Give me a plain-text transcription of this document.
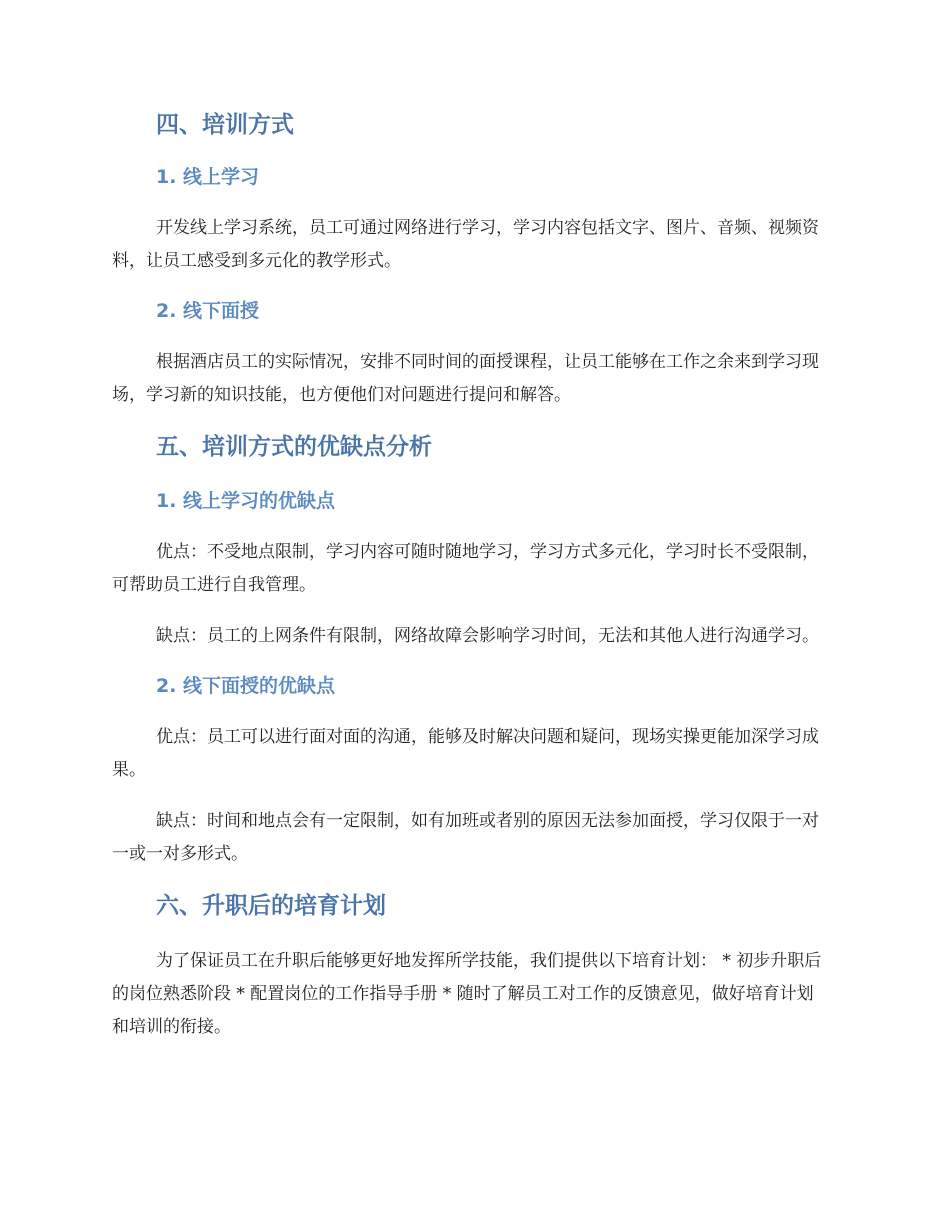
四、培训方式
1. 线上学习

开发线上学习系统，员工可通过网络进行学习，学习内容包括文字、图片、音频、视频资料，让员工感受到多元化的教学形式。

2. 线下面授

根据酒店员工的实际情况，安排不同时间的面授课程，让员工能够在工作之余来到学习现场，学习新的知识技能，也方便他们对问题进行提问和解答。

五、培训方式的优缺点分析
1. 线上学习的优缺点

优点：不受地点限制，学习内容可随时随地学习，学习方式多元化，学习时长不受限制，可帮助员工进行自我管理。

缺点：员工的上网条件有限制，网络故障会影响学习时间，无法和其他人进行沟通学习。

2. 线下面授的优缺点

优点：员工可以进行面对面的沟通，能够及时解决问题和疑问，现场实操更能加深学习成果。

缺点：时间和地点会有一定限制，如有加班或者别的原因无法参加面授，学习仅限于一对一或一对多形式。

六、升职后的培育计划

为了保证员工在升职后能够更好地发挥所学技能，我们提供以下培育计划： * 初步升职后的岗位熟悉阶段 * 配置岗位的工作指导手册 * 随时了解员工对工作的反馈意见，做好培育计划和培训的衔接。
